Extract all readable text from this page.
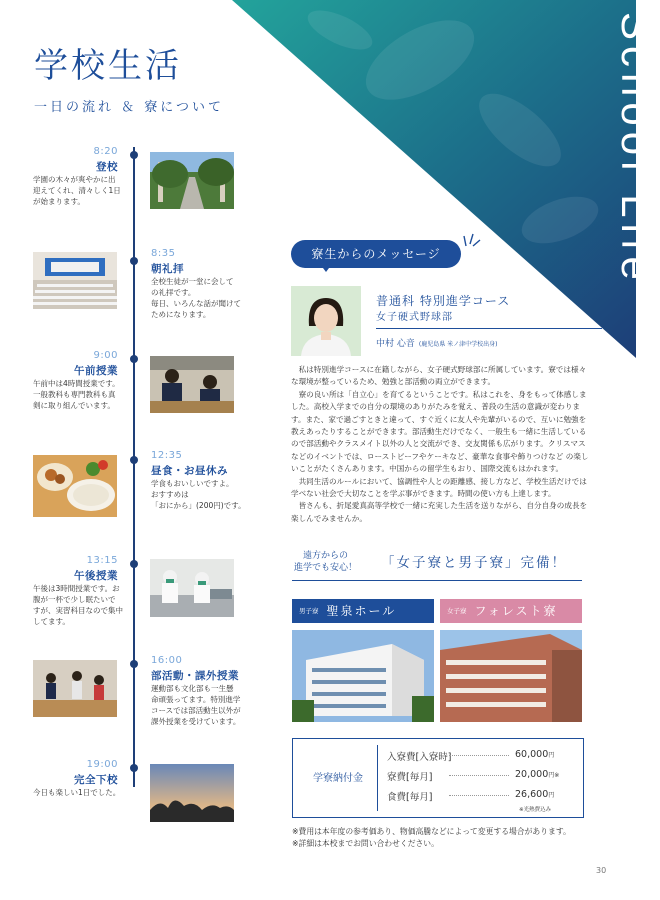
学校生活
一日の流れ ＆ 寮について	School Life
8:20
登校
学園の木々が爽やかに出
迎えてくれ、清々しく1日
が始まります。
8:35
朝礼拝
全校生徒が一堂に会して
の礼拝です。
毎日、いろんな話が聞けて
ためになります。
9:00
午前授業
午前中は4時間授業です。
一般教科も専門教科も真
剣に取り組んでいます。
12:35
昼食・お昼休み
学食もおいしいですよ。
おすすめは
「おにから」(200円)です。
13:15
午後授業
午後は3時間授業です。お
腹が一杯で少し眠たいで
すが、実習科目なので集中
してます。
16:00
部活動・課外授業
運動部も文化部も一生懸
命頑張ってます。特別進学
コースでは部活動生以外が
課外授業を受けています。
19:00
完全下校
今日も楽しい1日でした。
寮生からのメッセージ
普通科 特別進学コース
女子硬式野球部
中村 心音 (鹿児島県 米ノ津中学校出身)

私は特別進学コースに在籍しながら、女子硬式野球部に所属しています。寮では様々な環境が整っているため、勉強と部活動の両立ができます。

寮の良い所は「自立心」を育てるということです。私はこれを、身をもって体感しました。高校入学までの自分の環境のありがたみを覚え、普段の生活の意識が変わります。また、家で過ごすときと違って、すぐ近くに友人や先輩がいるので、互いに勉強を教えあったりすることができます。部活動生だけでなく、一般生も一緒に生活しているので部活動やクラスメイト以外の人と交流ができ、交友関係も広がります。クリスマスなどのイベントでは、ローストビーフやケーキなど、豪華な食事や飾りつけなど の楽しいことがたくさんあります。中国からの留学生もおり、国際交流もはかれます。

共同生活のルールにおいて、協調性や人との距離感、接し方など、学校生活だけでは学べない社会で大切なことを学ぶ事ができます。時間の使い方も上達します。

皆さんも、折尾愛真高等学校で一緒に充実した生活を送りながら、自分自身の成長を楽しんでみませんか。

遠方からの
進学でも安心！ 「女子寮と男子寮」完備！
男子寮 聖泉ホール	女子寮 フォレスト寮
学寮納付金
入寮費[入寮時]	60,000円
寮費[毎月]	20,000円※
食費[毎月]	26,600円
※光熱費込み
※費用は本年度の参考価あり、物価高騰などによって変更する場合があります。
※詳細は本校までお問い合わせください。
30
